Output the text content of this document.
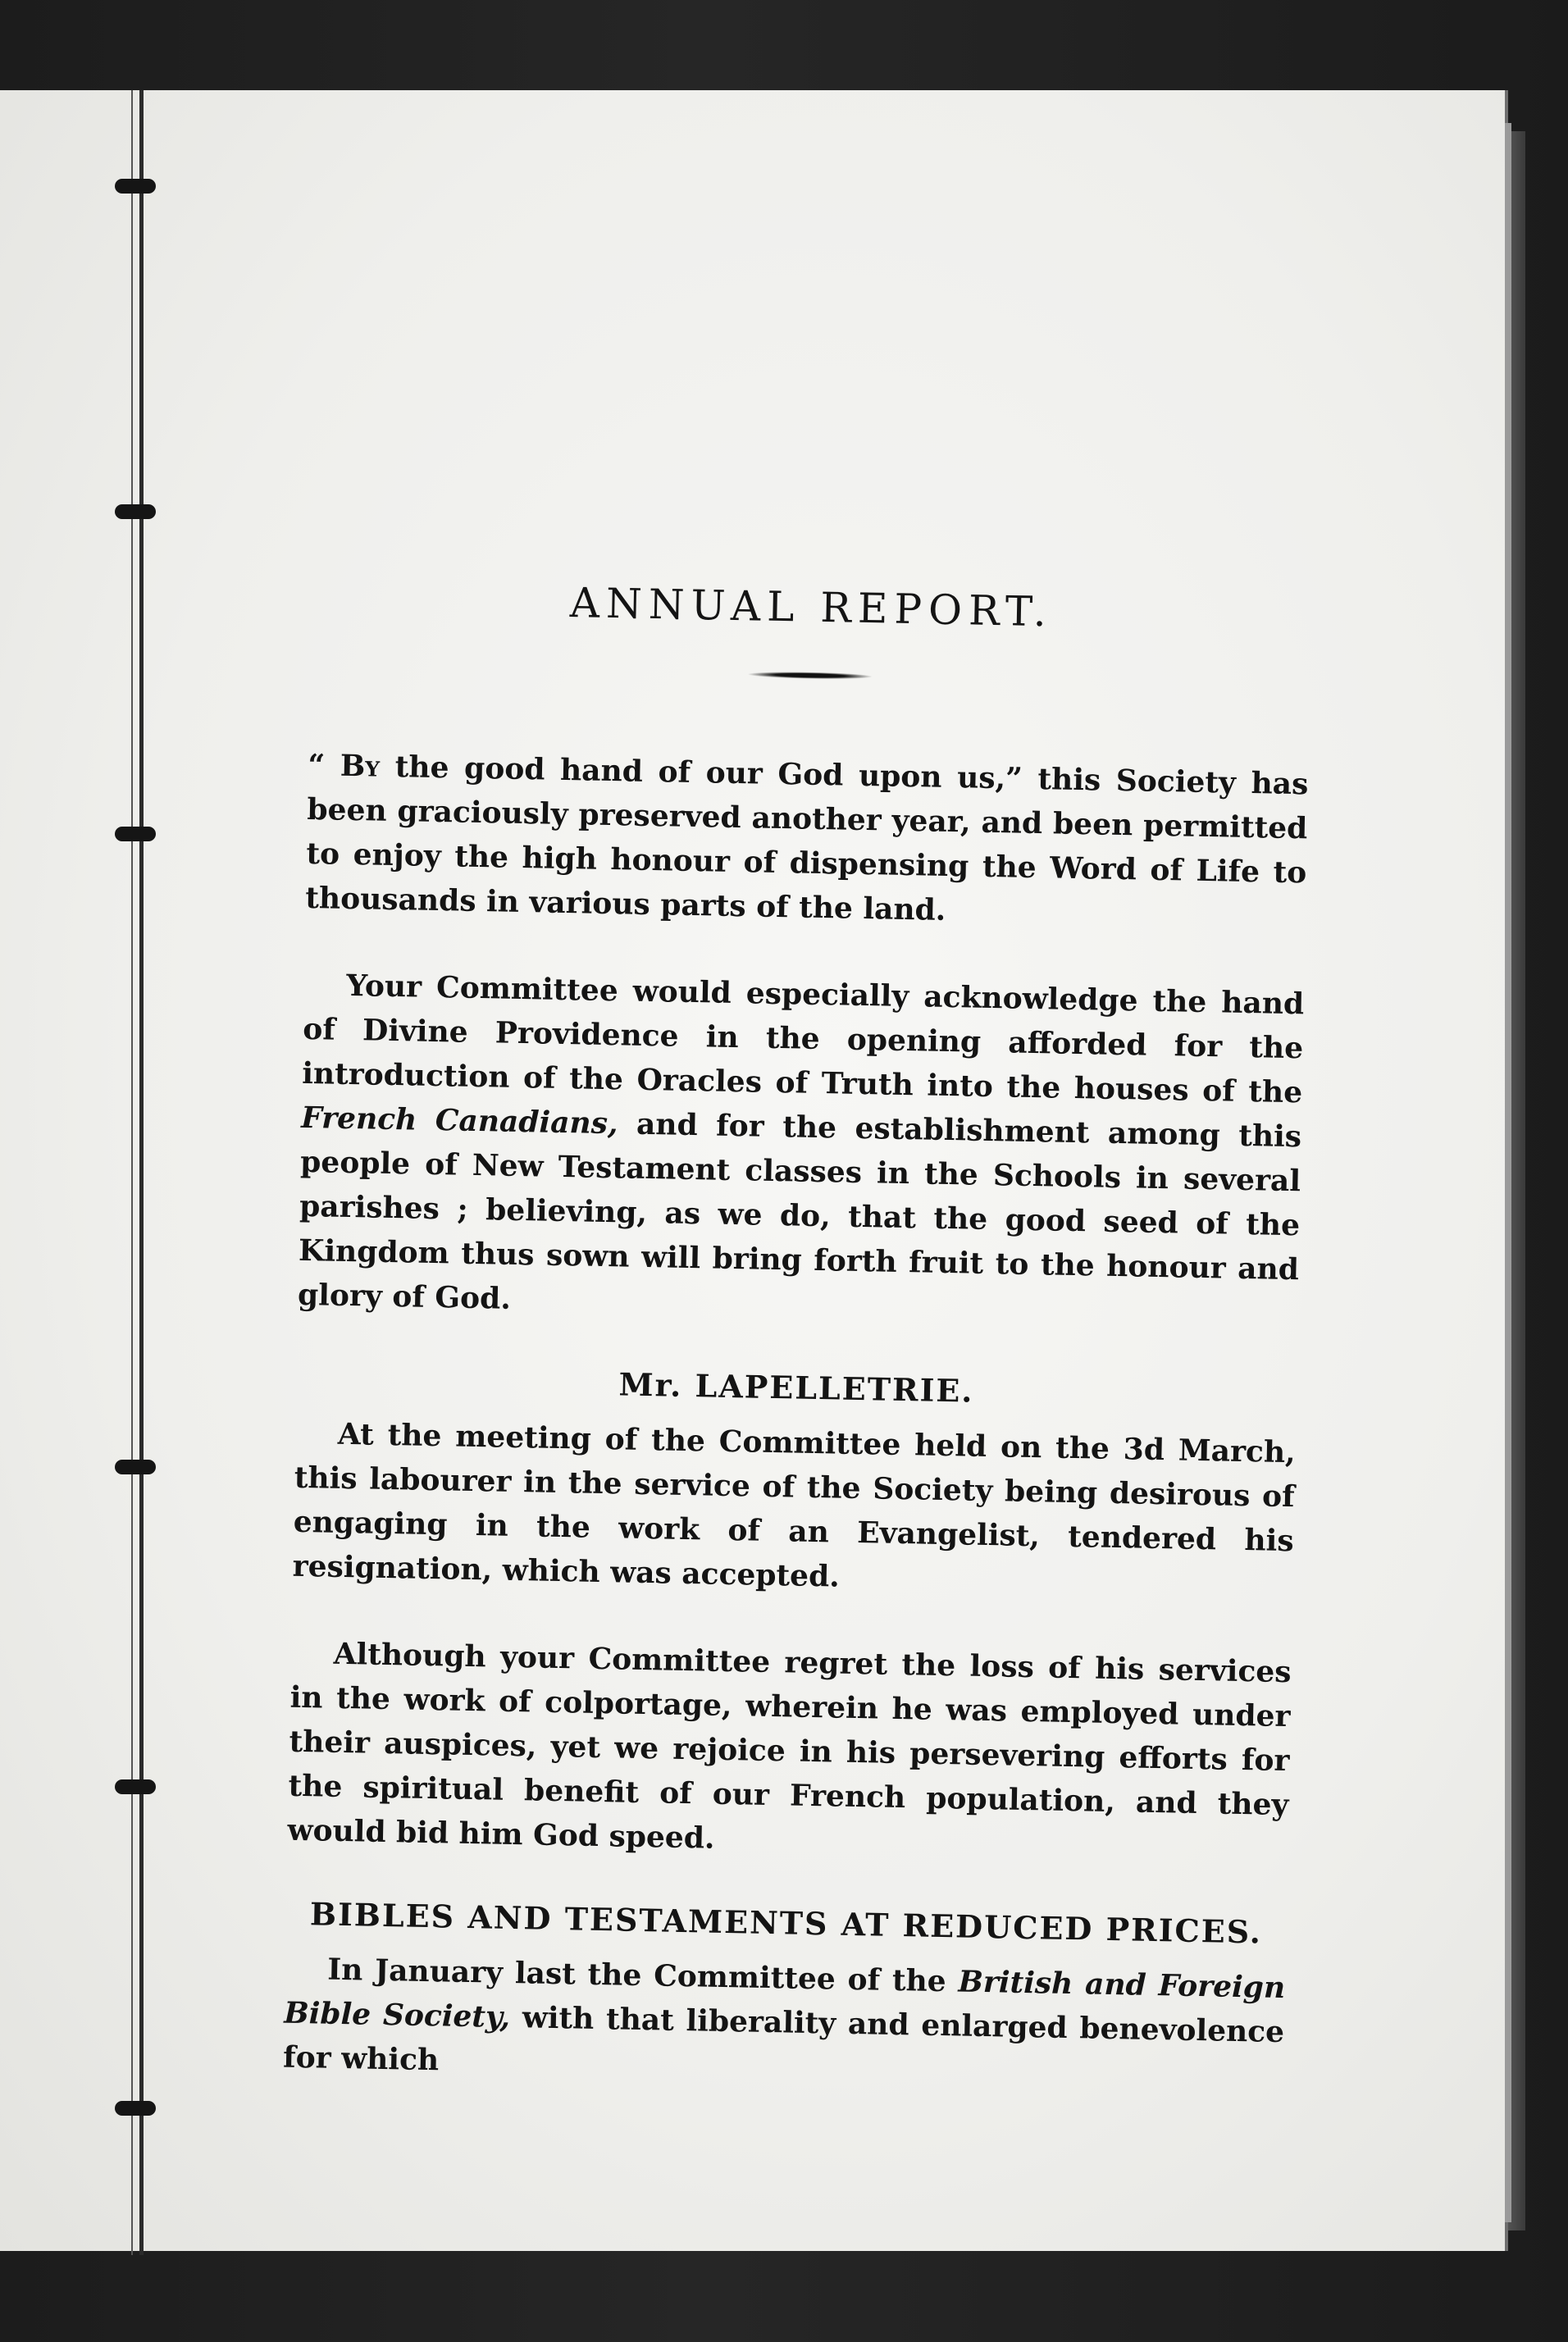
ANNUAL REPORT.

“ By the good hand of our God upon us,” this Society has been graciously preserved another year, and been permitted to enjoy the high honour of dispensing the Word of Life to thousands in various parts of the land.

Your Committee would especially acknowledge the hand of Divine Providence in the opening afforded for the introduction of the Oracles of Truth into the houses of the French Canadians, and for the establishment among this people of New Testament classes in the Schools in several parishes ; believing, as we do, that the good seed of the Kingdom thus sown will bring forth fruit to the honour and glory of God.

Mr. LAPELLETRIE.

At the meeting of the Committee held on the 3d March, this labourer in the service of the Society being desirous of engaging in the work of an Evangelist, tendered his resignation, which was accepted.

Although your Committee regret the loss of his services in the work of colportage, wherein he was employed under their auspices, yet we rejoice in his persevering efforts for the spiritual benefit of our French population, and they would bid him God speed.

BIBLES AND TESTAMENTS AT REDUCED PRICES.

In January last the Committee of the British and Foreign Bible Society, with that liberality and enlarged benevolence for which
